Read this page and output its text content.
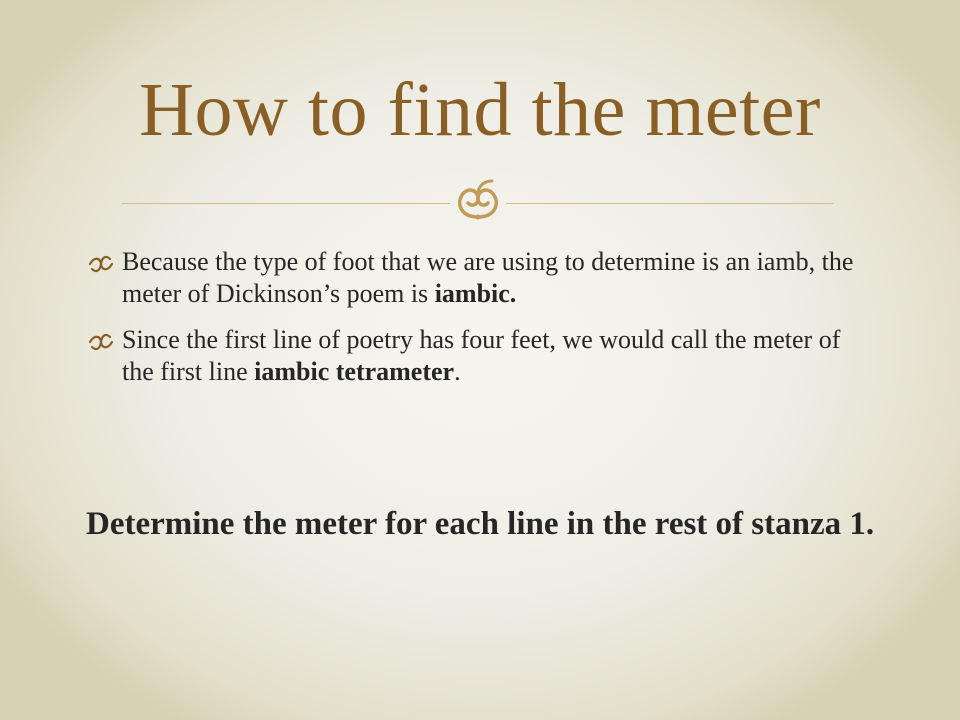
How to find the meter
Because the type of foot that we are using to determine is an iamb, the meter of Dickinson’s poem is iambic.
Since the first line of poetry has four feet, we would call the meter of the first line iambic tetrameter.
Determine the meter for each line in the rest of stanza 1.
